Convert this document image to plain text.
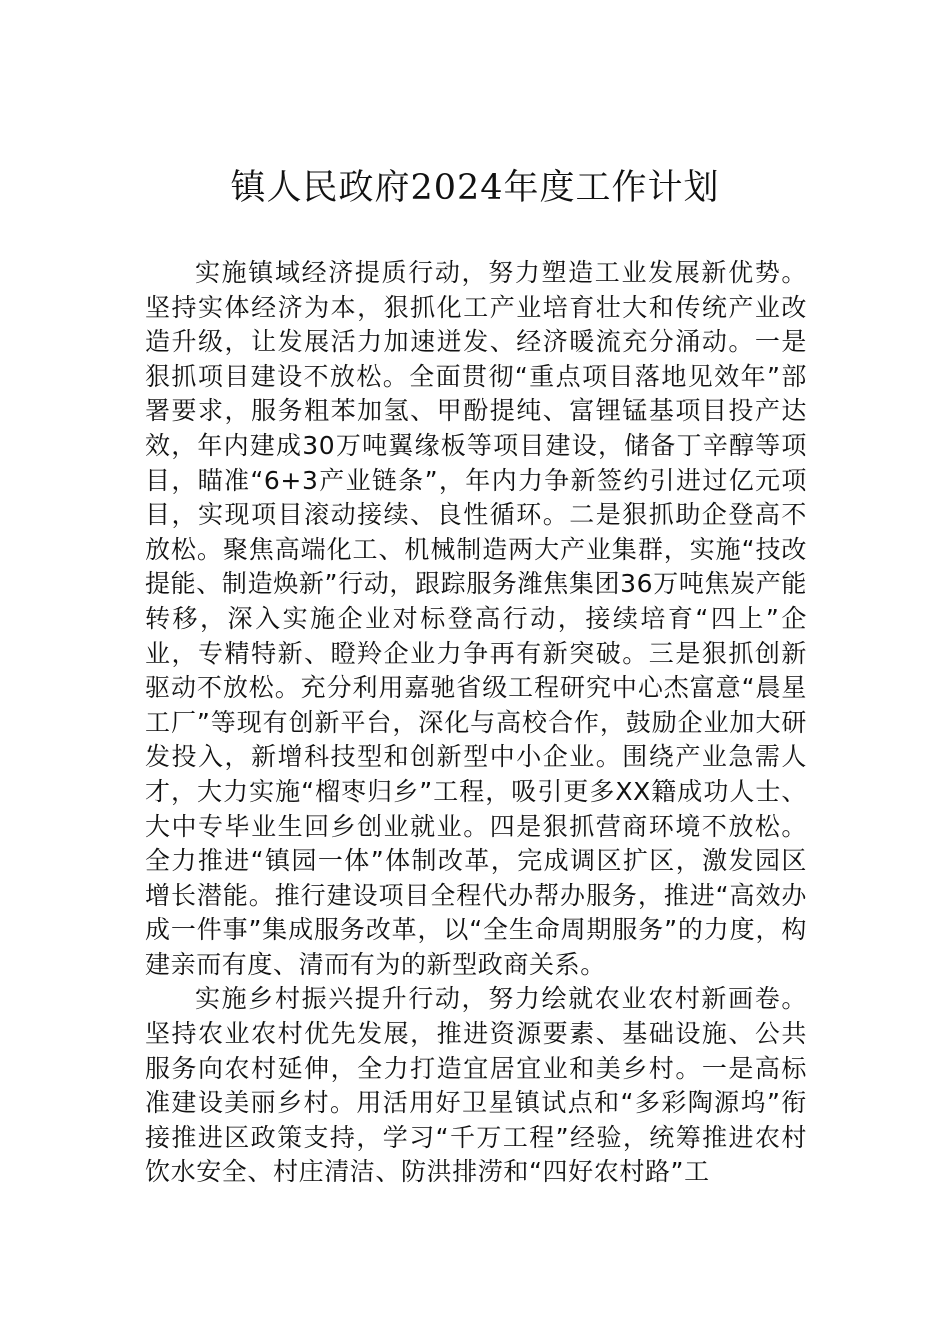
镇人民政府2024年度工作计划

实施镇域经济提质行动，努力塑造工业发展新优势。坚持实体经济为本，狠抓化工产业培育壮大和传统产业改造升级，让发展活力加速迸发、经济暖流充分涌动。一是狠抓项目建设不放松。全面贯彻“重点项目落地见效年”部署要求，服务粗苯加氢、甲酚提纯、富锂锰基项目投产达效，年内建成30万吨翼缘板等项目建设，储备丁辛醇等项目，瞄准“6+3产业链条”，年内力争新签约引进过亿元项目，实现项目滚动接续、良性循环。二是狠抓助企登高不放松。聚焦高端化工、机械制造两大产业集群，实施“技改提能、制造焕新”行动，跟踪服务潍焦集团36万吨焦炭产能转移，深入实施企业对标登高行动，接续培育“四上”企业，专精特新、瞪羚企业力争再有新突破。三是狠抓创新驱动不放松。充分利用嘉驰省级工程研究中心杰富意“晨星工厂”等现有创新平台，深化与高校合作，鼓励企业加大研发投入，新增科技型和创新型中小企业。围绕产业急需人才，大力实施“榴枣归乡”工程，吸引更多XX籍成功人士、大中专毕业生回乡创业就业。四是狠抓营商环境不放松。全力推进“镇园一体”体制改革，完成调区扩区，激发园区增长潜能。推行建设项目全程代办帮办服务，推进“高效办成一件事”集成服务改革，以“全生命周期服务”的力度，构建亲而有度、清而有为的新型政商关系。

实施乡村振兴提升行动，努力绘就农业农村新画卷。坚持农业农村优先发展，推进资源要素、基础设施、公共服务向农村延伸，全力打造宜居宜业和美乡村。一是高标准建设美丽乡村。用活用好卫星镇试点和“多彩陶源坞”衔接推进区政策支持，学习“千万工程”经验，统筹推进农村饮水安全、村庄清洁、防洪排涝和“四好农村路”工
